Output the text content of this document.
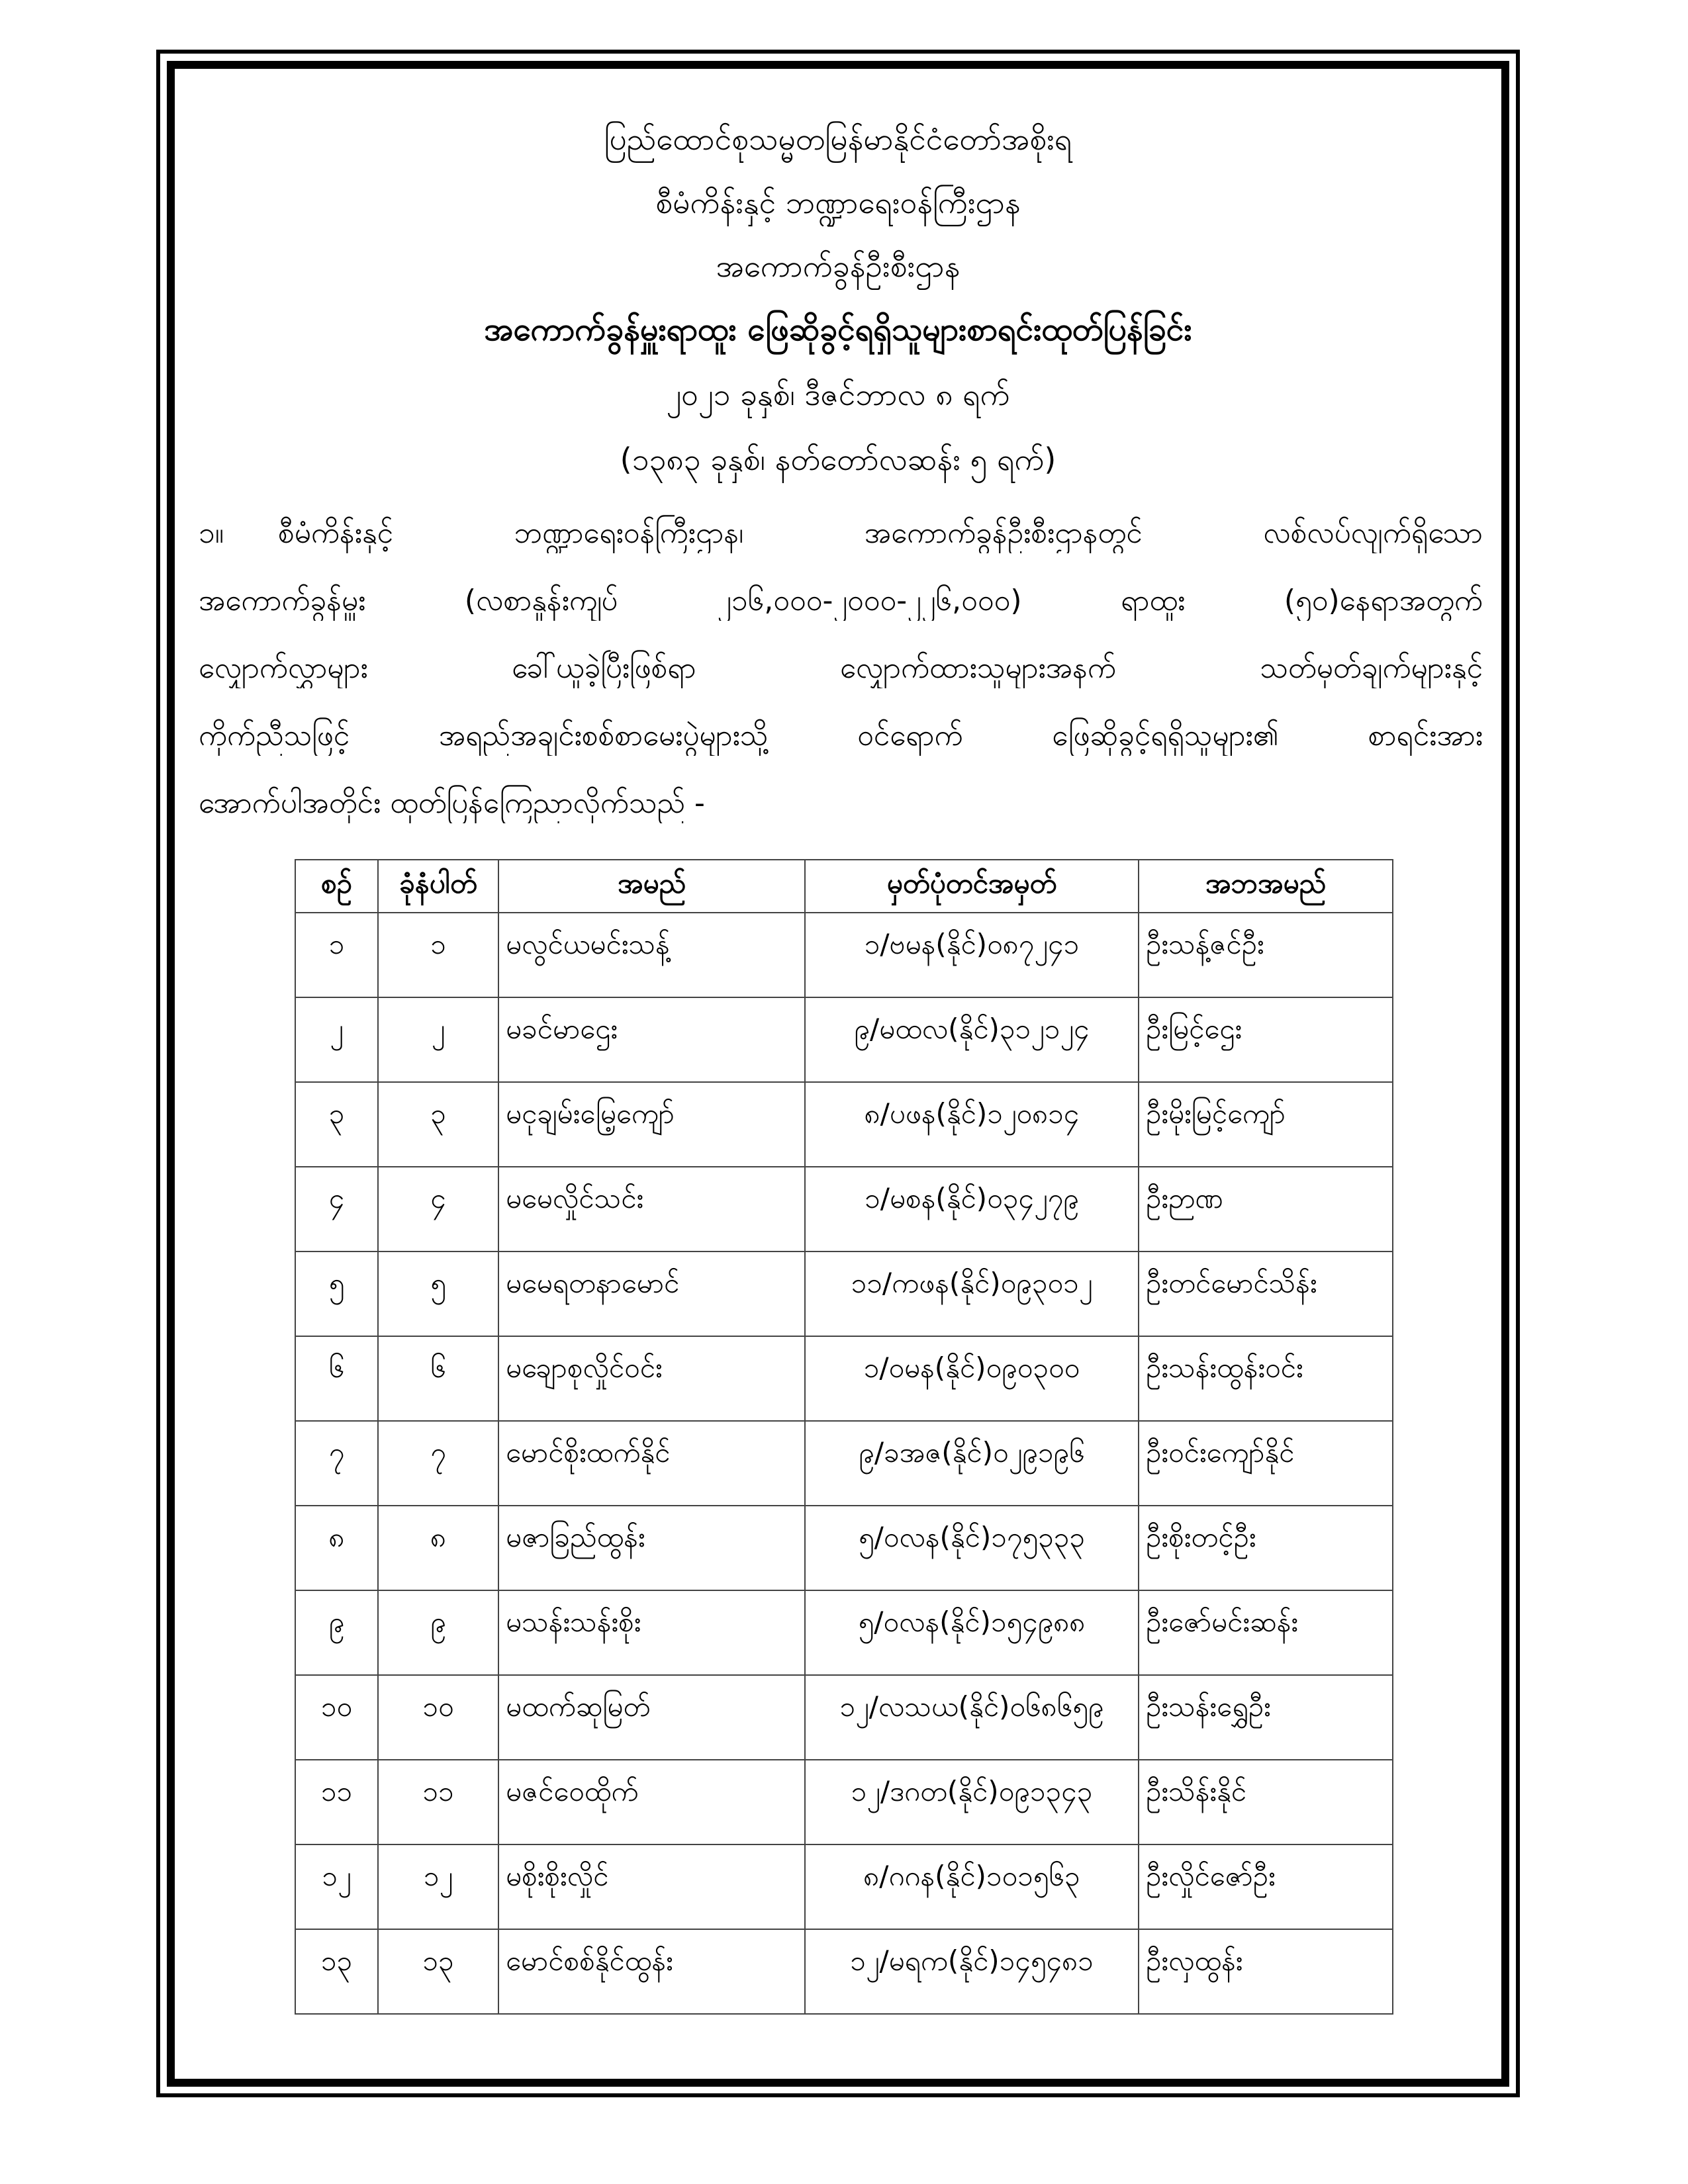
ပြည်ထောင်စုသမ္မတမြန်မာနိုင်ငံတော်အစိုးရ
စီမံကိန်းနှင့် ဘဏ္ဍာရေးဝန်ကြီးဌာန
အကောက်ခွန်ဦးစီးဌာန
အကောက်ခွန်မှူးရာထူး ဖြေဆိုခွင့်ရရှိသူများစာရင်းထုတ်ပြန်ခြင်း
၂၀၂၁ ခုနှစ်၊ ဒီဇင်ဘာလ ၈ ရက်
(၁၃၈၃ ခုနှစ်၊ နတ်တော်လဆန်း ၅ ရက်)
၁။ စီမံကိန်းနှင့် ဘဏ္ဍာရေးဝန်ကြီးဌာန၊ အကောက်ခွန်ဦးစီးဌာနတွင် လစ်လပ်လျက်ရှိသော
အကောက်ခွန်မှူး (လစာနှုန်းကျပ် ၂၁၆,၀၀၀-၂၀၀၀-၂၂၆,၀၀၀) ရာထူး (၅၀)နေရာအတွက်
လျှောက်လွှာများ ခေါ်ယူခဲ့ပြီးဖြစ်ရာ လျှောက်ထားသူများအနက် သတ်မှတ်ချက်များနှင့်
ကိုက်ညီသဖြင့် အရည်အချင်းစစ်စာမေးပွဲများသို့ ဝင်ရောက် ဖြေဆိုခွင့်ရရှိသူများ၏ စာရင်းအား
အောက်ပါအတိုင်း ထုတ်ပြန်ကြေညာလိုက်သည် -
စဉ်	ခုံနံပါတ်	အမည်	မှတ်ပုံတင်အမှတ်	အဘအမည်
၁	၁	မလွင်ယမင်းသန့်	၁/ဗမန(နိုင်)၀၈၇၂၄၁	ဦးသန့်ဇင်ဦး
၂	၂	မခင်မာဌေး	၉/မထလ(နိုင်)၃၁၂၁၂၄	ဦးမြင့်ဌေး
၃	၃	မငုချမ်းမြေ့ကျော်	၈/ပဖန(နိုင်)၁၂၀၈၁၄	ဦးမိုးမြင့်ကျော်
၄	၄	မမေလှိုင်သင်း	၁/မစန(နိုင်)၀၃၄၂၇၉	ဦးဉာဏ
၅	၅	မမေရတနာမောင်	၁၁/ကဖန(နိုင်)၀၉၃၀၁၂	ဦးတင်မောင်သိန်း
၆	၆	မချောစုလှိုင်ဝင်း	၁/ဝမန(နိုင်)၀၉၀၃၀၀	ဦးသန်းထွန်းဝင်း
၇	၇	မောင်စိုးထက်နိုင်	၉/ခအဇ(နိုင်)၀၂၉၁၉၆	ဦးဝင်းကျော်နိုင်
၈	၈	မဇာခြည်ထွန်း	၅/ဝလန(နိုင်)၁၇၅၃၃၃	ဦးစိုးတင့်ဦး
၉	၉	မသန်းသန်းစိုး	၅/ဝလန(နိုင်)၁၅၄၉၈၈	ဦးဇော်မင်းဆန်း
၁၀	၁၀	မထက်ဆုမြတ်	၁၂/လသယ(နိုင်)၀၆၈၆၅၉	ဦးသန်းရွှေဦး
၁၁	၁၁	မဇင်ဝေထိုက်	၁၂/ဒဂတ(နိုင်)၀၉၁၃၄၃	ဦးသိန်းနိုင်
၁၂	၁၂	မစိုးစိုးလှိုင်	၈/ဂဂန(နိုင်)၁၀၁၅၆၃	ဦးလှိုင်ဇော်ဦး
၁၃	၁၃	မောင်စစ်နိုင်ထွန်း	၁၂/မရက(နိုင်)၁၄၅၄၈၁	ဦးလှထွန်း
